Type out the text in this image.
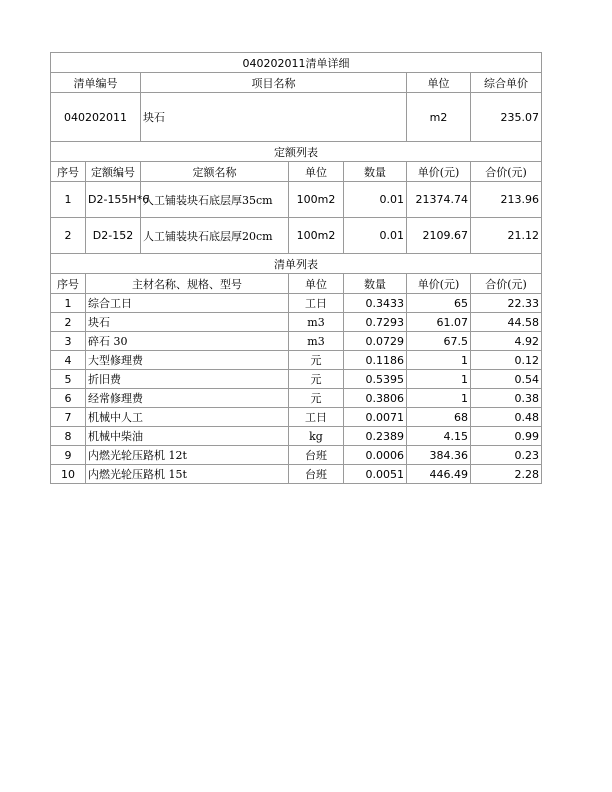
040202011清单详细						
清单编号		项目名称			单位	综合单价
040202011		块石			m2	235.07
定额列表						
序号	定额编号	定额名称	单位	数量	单价(元)	合价(元)
1	D2-155H*6	人工铺装块石底层厚35cm	100m2	0.01	21374.74	213.96
2	D2-152	人工铺装块石底层厚20cm	100m2	0.01	2109.67	21.12
清单列表						
序号	主材名称、规格、型号		单位	数量	单价(元)	合价(元)
1	综合工日		工日	0.3433	65	22.33
2	块石		m3	0.7293	61.07	44.58
3	碎石 30		m3	0.0729	67.5	4.92
4	大型修理费		元	0.1186	1	0.12
5	折旧费		元	0.5395	1	0.54
6	经常修理费		元	0.3806	1	0.38
7	机械中人工		工日	0.0071	68	0.48
8	机械中柴油		kg	0.2389	4.15	0.99
9	内燃光轮压路机 12t		台班	0.0006	384.36	0.23
10	内燃光轮压路机 15t		台班	0.0051	446.49	2.28
